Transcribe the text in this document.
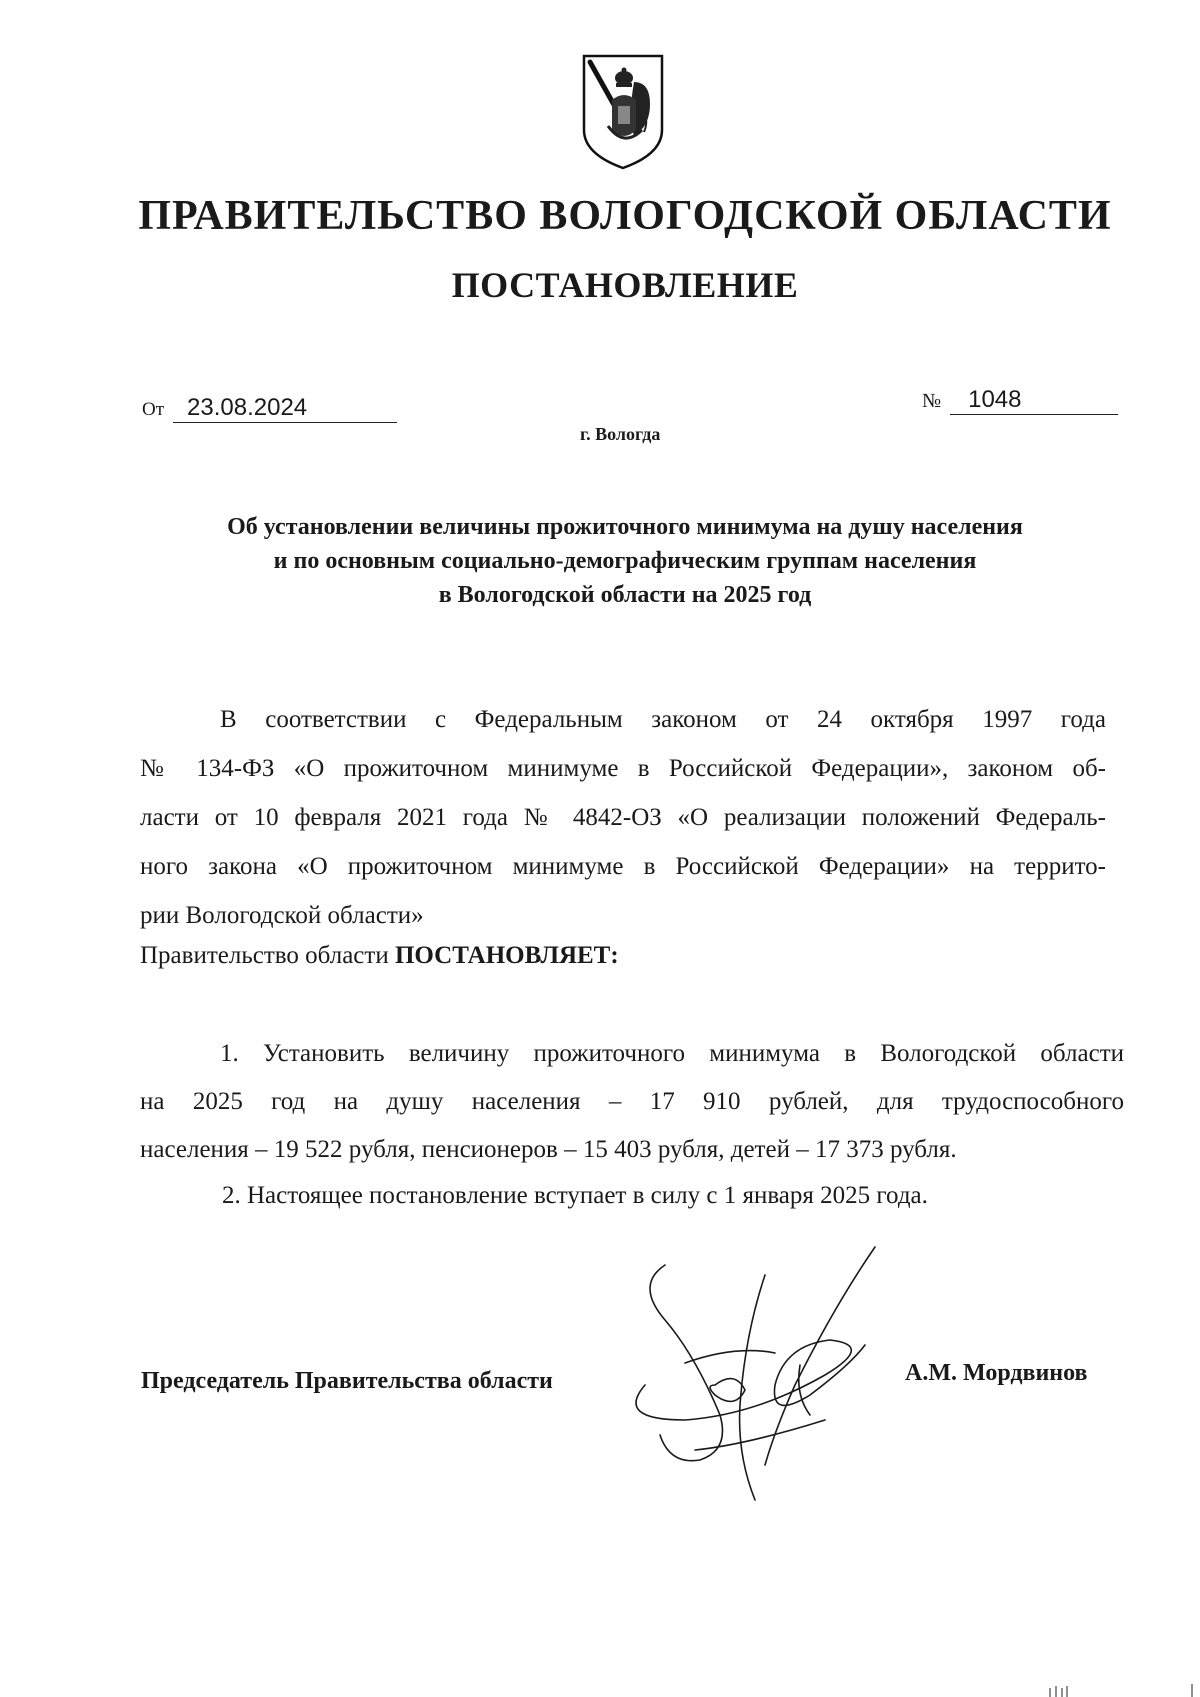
ПРАВИТЕЛЬСТВО ВОЛОГОДСКОЙ ОБЛАСТИ
ПОСТАНОВЛЕНИЕ
От 23.08.2024	№ 1048
г. Вологда
Об установлении величины прожиточного минимума на душу населения
и по основным социально-демографическим группам населения
в Вологодской области на 2025 год
В соответствии с Федеральным законом от 24 октября 1997 года
№ 134-ФЗ «О прожиточном минимуме в Российской Федерации», законом об-
ласти от 10 февраля 2021 года № 4842-ОЗ «О реализации положений Федераль-
ного закона «О прожиточном минимуме в Российской Федерации» на террито-
рии Вологодской области»
Правительство области ПОСТАНОВЛЯЕТ:
1. Установить величину прожиточного минимума в Вологодской области
на 2025 год на душу населения – 17 910 рублей, для трудоспособного
населения – 19 522 рубля, пенсионеров – 15 403 рубля, детей – 17 373 рубля.
2. Настоящее постановление вступает в силу с 1 января 2025 года.
Председатель Правительства области	А.М. Мордвинов
